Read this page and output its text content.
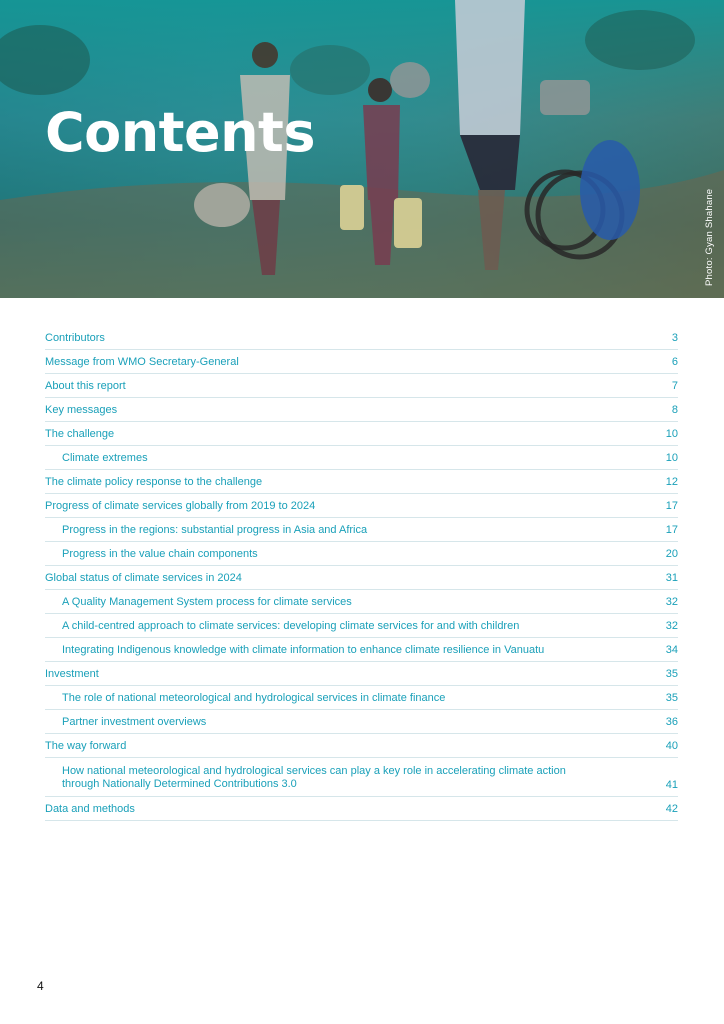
Contents
Photo: Gyan Shahane
Contributors	3
Message from WMO Secretary-General	6
About this report	7
Key messages	8
The challenge	10
Climate extremes	10
The climate policy response to the challenge	12
Progress of climate services globally from 2019 to 2024	17
Progress in the regions: substantial progress in Asia and Africa	17
Progress in the value chain components	20
Global status of climate services in 2024	31
A Quality Management System process for climate services	32
A child-centred approach to climate services: developing climate services for and with children	32
Integrating Indigenous knowledge with climate information to enhance climate resilience in Vanuatu	34
Investment	35
The role of national meteorological and hydrological services in climate finance	35
Partner investment overviews	36
The way forward	40
How national meteorological and hydrological services can play a key role in accelerating climate action through Nationally Determined Contributions 3.0	41
Data and methods	42
4
